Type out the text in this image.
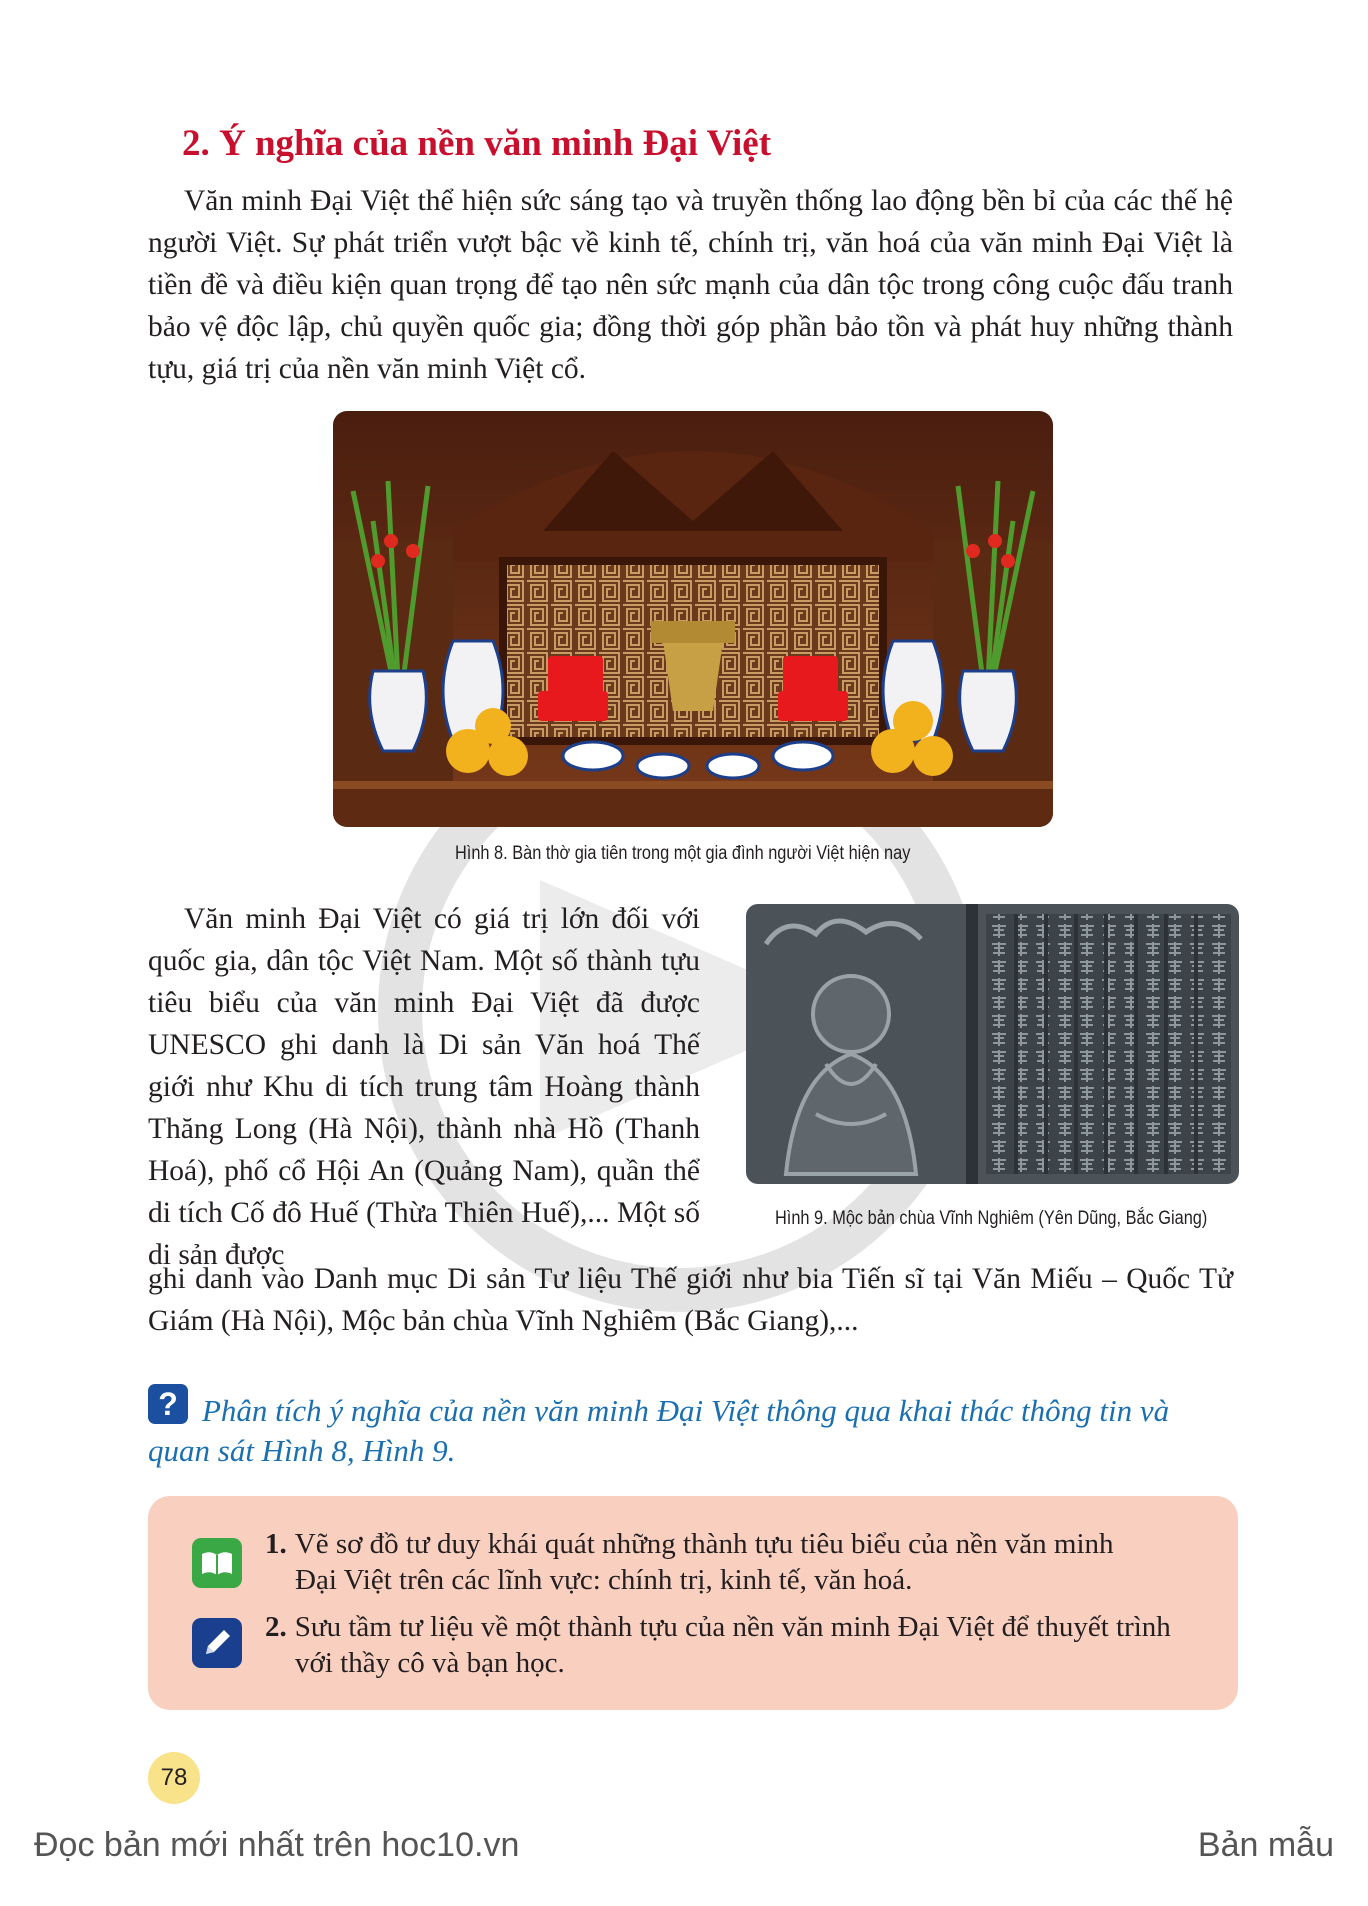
2. Ý nghĩa của nền văn minh Đại Việt
Văn minh Đại Việt thể hiện sức sáng tạo và truyền thống lao động bền bỉ của các thế hệ người Việt. Sự phát triển vượt bậc về kinh tế, chính trị, văn hoá của văn minh Đại Việt là tiền đề và điều kiện quan trọng để tạo nên sức mạnh của dân tộc trong công cuộc đấu tranh bảo vệ độc lập, chủ quyền quốc gia; đồng thời góp phần bảo tồn và phát huy những thành tựu, giá trị của nền văn minh Việt cổ.
Hình 8. Bàn thờ gia tiên trong một gia đình người Việt hiện nay
Hình 9. Mộc bản chùa Vĩnh Nghiêm (Yên Dũng, Bắc Giang)
Văn minh Đại Việt có giá trị lớn đối với quốc gia, dân tộc Việt Nam. Một số thành tựu tiêu biểu của văn minh Đại Việt đã được UNESCO ghi danh là Di sản Văn hoá Thế giới như Khu di tích trung tâm Hoàng thành Thăng Long (Hà Nội), thành nhà Hồ (Thanh Hoá), phố cổ Hội An (Quảng Nam), quần thể di tích Cố đô Huế (Thừa Thiên Huế),... Một số di sản được
ghi danh vào Danh mục Di sản Tư liệu Thế giới như bia Tiến sĩ tại Văn Miếu – Quốc Tử Giám (Hà Nội), Mộc bản chùa Vĩnh Nghiêm (Bắc Giang),...
? Phân tích ý nghĩa của nền văn minh Đại Việt thông qua khai thác thông tin và quan sát Hình 8, Hình 9.
1. Vẽ sơ đồ tư duy khái quát những thành tựu tiêu biểu của nền văn minh
Đại Việt trên các lĩnh vực: chính trị, kinh tế, văn hoá.
2. Sưu tầm tư liệu về một thành tựu của nền văn minh Đại Việt để thuyết trình
với thầy cô và bạn học.
78
Đọc bản mới nhất trên hoc10.vn	Bản mẫu
